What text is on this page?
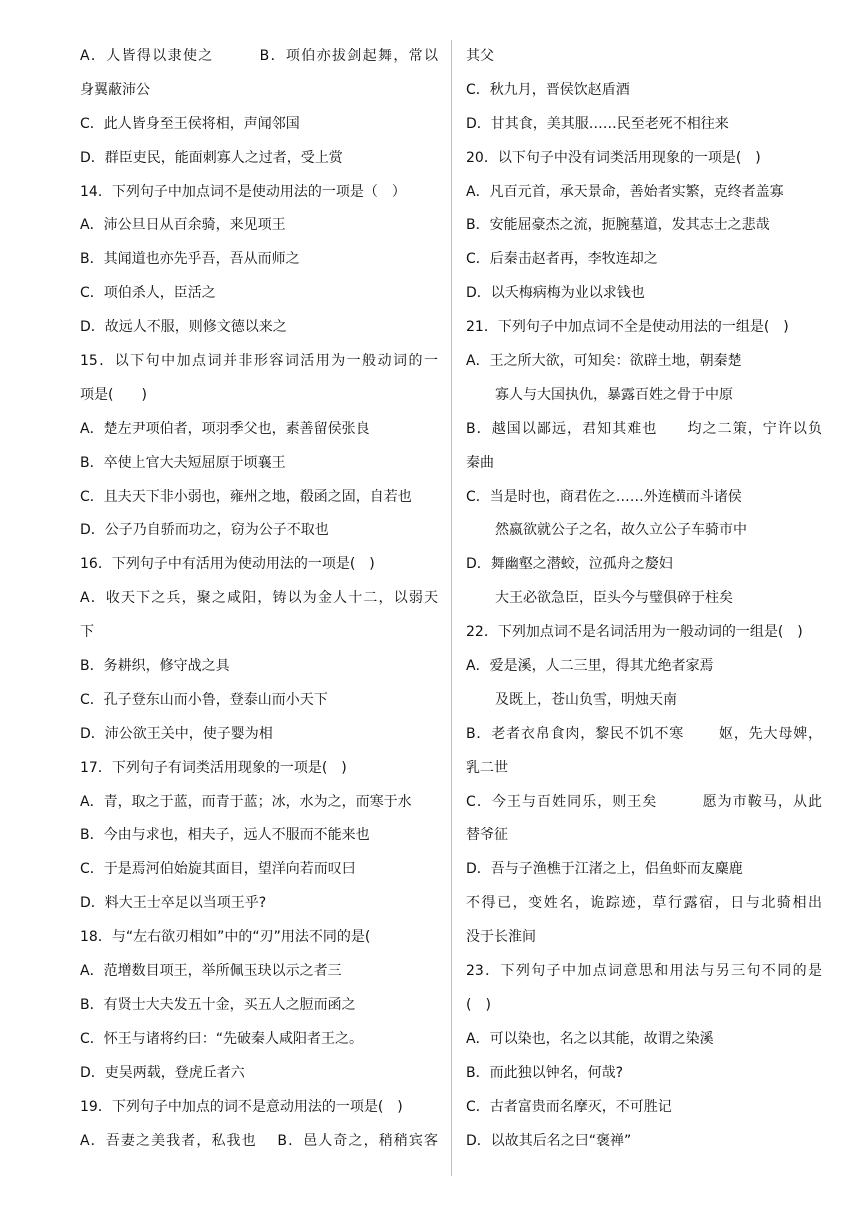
A．人皆得以隶使之　　　B．项伯亦拔剑起舞，常以
身翼蔽沛公
C．此人皆身至王侯将相，声闻邻国
D．群臣吏民，能面刺寡人之过者，受上赏
14．下列句子中加点词不是使动用法的一项是（　）
A．沛公旦日从百余骑，来见项王
B．其闻道也亦先乎吾，吾从而师之
C．项伯杀人，臣活之
D．故远人不服，则修文德以来之
15．以下句中加点词并非形容词活用为一般动词的一
项是(　　)
A．楚左尹项伯者，项羽季父也，素善留侯张良
B．卒使上官大夫短屈原于顷襄王
C．且夫天下非小弱也，雍州之地，殽函之固，自若也
D．公子乃自骄而功之，窃为公子不取也
16．下列句子中有活用为使动用法的一项是(　)
A．收天下之兵，聚之咸阳，铸以为金人十二，以弱天
下
B．务耕织，修守战之具
C．孔子登东山而小鲁，登泰山而小天下
D．沛公欲王关中，使子婴为相
17．下列句子有词类活用现象的一项是(　)
A．青，取之于蓝，而青于蓝；冰，水为之，而寒于水
B．今由与求也，相夫子，远人不服而不能来也
C．于是焉河伯始旋其面目，望洋向若而叹曰
D．料大王士卒足以当项王乎?
18．与“左右欲刃相如”中的“刃”用法不同的是(
A．范增数目项王，举所佩玉玦以示之者三
B．有贤士大夫发五十金，买五人之脰而函之
C．怀王与诸将约曰：“先破秦人咸阳者王之。
D．吏吴两载，登虎丘者六
19．下列句子中加点的词不是意动用法的一项是(　)
A．吾妻之美我者，私我也　 B．邑人奇之，稍稍宾客
其父
C．秋九月，晋侯饮赵盾酒
D．甘其食，美其服……民至老死不相往来
20．以下句子中没有词类活用现象的一项是(　)
A．凡百元首，承天景命，善始者实繁，克终者盖寡
B．安能屈豪杰之流，扼腕墓道，发其志士之悲哉
C．后秦击赵者再，李牧连却之
D．以夭梅病梅为业以求钱也
21．下列句子中加点词不全是使动用法的一组是(　)
A．王之所大欲，可知矣：欲辟土地，朝秦楚
寡人与大国执仇，暴露百姓之骨于中原
B．越国以鄙远，君知其难也　　均之二策，宁许以负
秦曲
C．当是时也，商君佐之……外连横而斗诸侯
然嬴欲就公子之名，故久立公子车骑市中
D．舞幽壑之潜蛟，泣孤舟之嫠妇
大王必欲急臣，臣头今与璧俱碎于柱矣
22．下列加点词不是名词活用为一般动词的一组是(　)
A．爱是溪，人二三里，得其尤绝者家焉
及既上，苍山负雪，明烛天南
B．老者衣帛食肉，黎民不饥不寒　　 妪，先大母婢，
乳二世
C．今王与百姓同乐，则王矣　　　愿为市鞍马，从此
替爷征
D．吾与子渔樵于江渚之上，侣鱼虾而友麋鹿
不得已，变姓名，诡踪迹，草行露宿，日与北骑相出
没于长淮间
23．下列句子中加点词意思和用法与另三句不同的是
(　)
A．可以染也，名之以其能，故谓之染溪
B．而此独以钟名，何哉?
C．古者富贵而名摩灭，不可胜记
D．以故其后名之曰“褒禅”
